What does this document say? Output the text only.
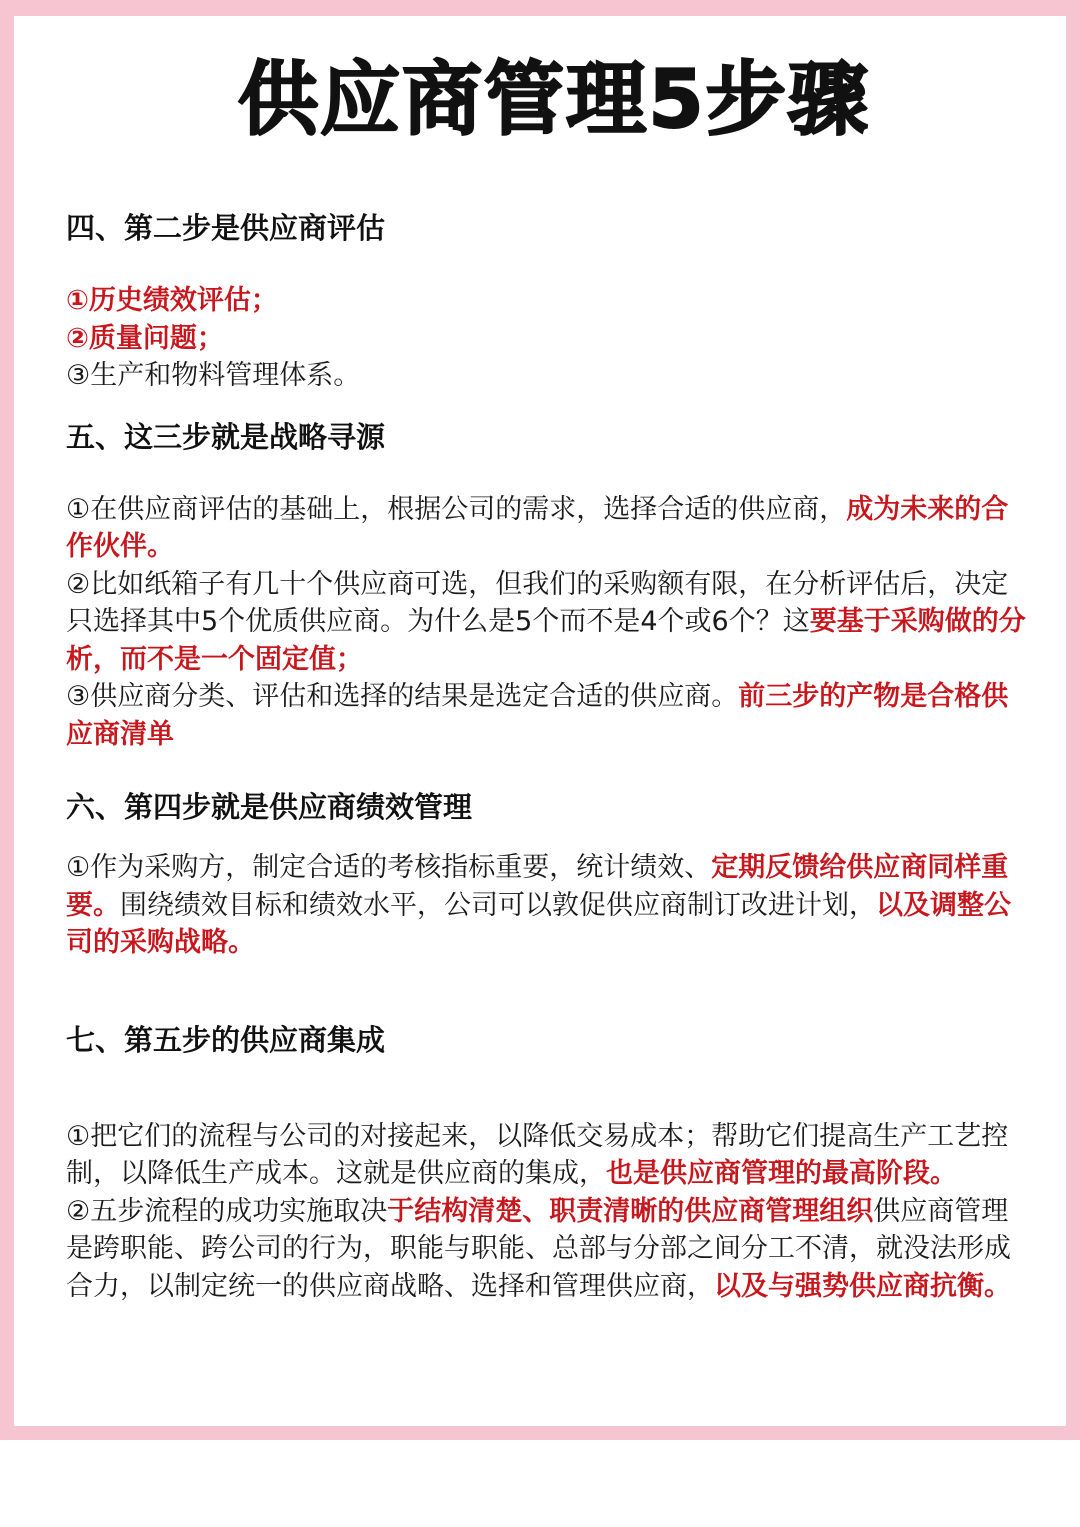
供应商管理5步骤

四、第二步是供应商评估

①历史绩效评估；

②质量问题；

③生产和物料管理体系。

五、这三步就是战略寻源

①在供应商评估的基础上，根据公司的需求，选择合适的供应商，成为未来的合作伙伴。

②比如纸箱子有几十个供应商可选，但我们的采购额有限，在分析评估后，决定只选择其中5个优质供应商。为什么是5个而不是4个或6个？这要基于采购做的分析，而不是一个固定值；

③供应商分类、评估和选择的结果是选定合适的供应商。前三步的产物是合格供应商清单

六、第四步就是供应商绩效管理

①作为采购方，制定合适的考核指标重要，统计绩效、定期反馈给供应商同样重要。围绕绩效目标和绩效水平，公司可以敦促供应商制订改进计划，以及调整公司的采购战略。

七、第五步的供应商集成

①把它们的流程与公司的对接起来，以降低交易成本；帮助它们提高生产工艺控制，以降低生产成本。这就是供应商的集成，也是供应商管理的最高阶段。

②五步流程的成功实施取决于结构清楚、职责清晰的供应商管理组织供应商管理是跨职能、跨公司的行为，职能与职能、总部与分部之间分工不清，就没法形成合力，以制定统一的供应商战略、选择和管理供应商，以及与强势供应商抗衡。
